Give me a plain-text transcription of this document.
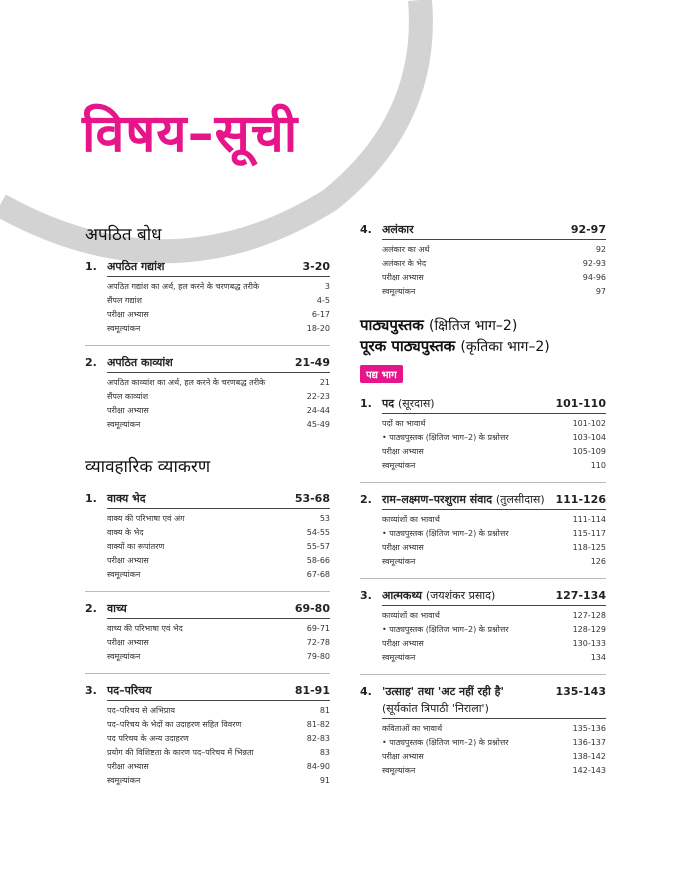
विषय–सूची
अपठित बोध
1. अपठित गद्यांश	3-20
अपठित गद्यांश का अर्थ, हल करने के चरणबद्ध तरीके	3
सैंपल गद्यांश	4-5
परीक्षा अभ्यास	6-17
स्वमूल्यांकन	18-20
2. अपठित काव्यांश	21-49
अपठित काव्यांश का अर्थ, हल करने के चरणबद्ध तरीके	21
सैंपल काव्यांश	22-23
परीक्षा अभ्यास	24-44
स्वमूल्यांकन	45-49
व्यावहारिक व्याकरण
1. वाक्य भेद	53-68
वाक्य की परिभाषा एवं अंग	53
वाक्य के भेद	54-55
वाक्यों का रूपांतरण	55-57
परीक्षा अभ्यास	58-66
स्वमूल्यांकन	67-68
2. वाच्य	69-80
वाच्य की परिभाषा एवं भेद	69-71
परीक्षा अभ्यास	72-78
स्वमूल्यांकन	79-80
3. पद–परिचय	81-91
पद–परिचय से अभिप्राय	81
पद–परिचय के भेदों का उदाहरण सहित विवरण	81-82
पद परिचय के अन्य उदाहरण	82-83
प्रयोग की विशिष्टता के कारण पद–परिचय में भिन्नता	83
परीक्षा अभ्यास	84-90
स्वमूल्यांकन	91
4. अलंकार	92-97
अलंकार का अर्थ	92
अलंकार के भेद	92-93
परीक्षा अभ्यास	94-96
स्वमूल्यांकन	97
पाठ्यपुस्तक (क्षितिज भाग–2)
पूरक पाठ्यपुस्तक (कृतिका भाग–2)
पद्य भाग
1. पद (सूरदास)	101-110
पदों का भावार्थ	101-102
• पाठ्यपुस्तक (क्षितिज भाग–2) के प्रश्नोत्तर	103-104
परीक्षा अभ्यास	105-109
स्वमूल्यांकन	110
2. राम–लक्ष्मण–परशुराम संवाद (तुलसीदास) 111-126
काव्यांशों का भावार्थ	111-114
• पाठ्यपुस्तक (क्षितिज भाग–2) के प्रश्नोत्तर	115-117
परीक्षा अभ्यास	118-125
स्वमूल्यांकन	126
3. आत्मकथ्य (जयशंकर प्रसाद)	127-134
काव्यांशों का भावार्थ	127-128
• पाठ्यपुस्तक (क्षितिज भाग–2) के प्रश्नोत्तर	128-129
परीक्षा अभ्यास	130-133
स्वमूल्यांकन	134
4. 'उत्साह' तथा 'अट नहीं रही है'	135-143
(सूर्यकांत त्रिपाठी 'निराला')
कविताओं का भावार्थ	135-136
• पाठ्यपुस्तक (क्षितिज भाग–2) के प्रश्नोत्तर	136-137
परीक्षा अभ्यास	138-142
स्वमूल्यांकन	142-143
